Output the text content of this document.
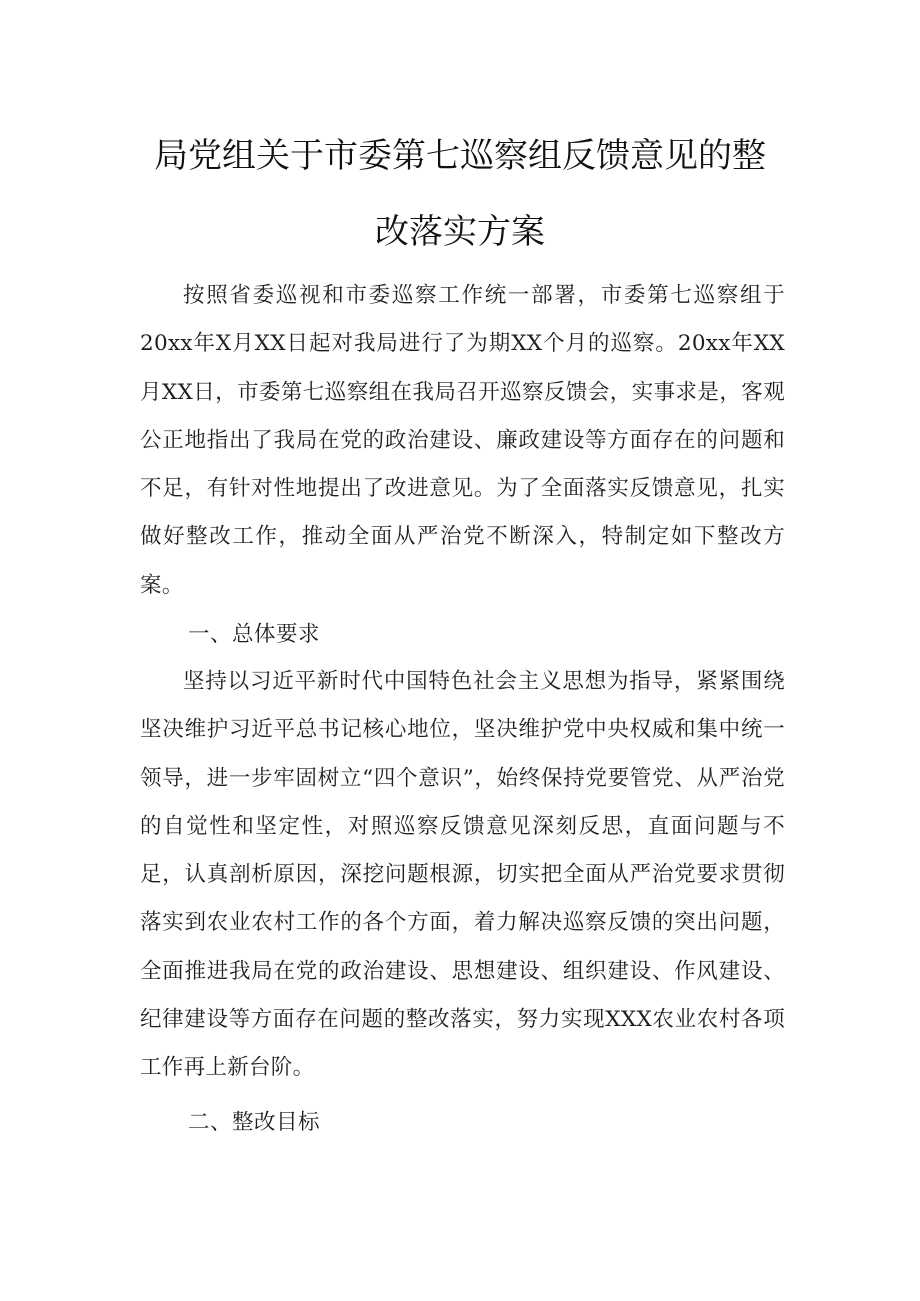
局党组关于市委第七巡察组反馈意见的整
改落实方案

按照省委巡视和市委巡察工作统一部署，市委第七巡察组于20xx年X月XX日起对我局进行了为期XX个月的巡察。20xx年XX月XX日，市委第七巡察组在我局召开巡察反馈会，实事求是，客观公正地指出了我局在党的政治建设、廉政建设等方面存在的问题和不足，有针对性地提出了改进意见。为了全面落实反馈意见，扎实做好整改工作，推动全面从严治党不断深入，特制定如下整改方案。

一、总体要求

坚持以习近平新时代中国特色社会主义思想为指导，紧紧围绕坚决维护习近平总书记核心地位，坚决维护党中央权威和集中统一领导，进一步牢固树立“四个意识”，始终保持党要管党、从严治党的自觉性和坚定性，对照巡察反馈意见深刻反思，直面问题与不足，认真剖析原因，深挖问题根源，切实把全面从严治党要求贯彻落实到农业农村工作的各个方面，着力解决巡察反馈的突出问题，全面推进我局在党的政治建设、思想建设、组织建设、作风建设、纪律建设等方面存在问题的整改落实，努力实现XXX农业农村各项工作再上新台阶。

二、整改目标
